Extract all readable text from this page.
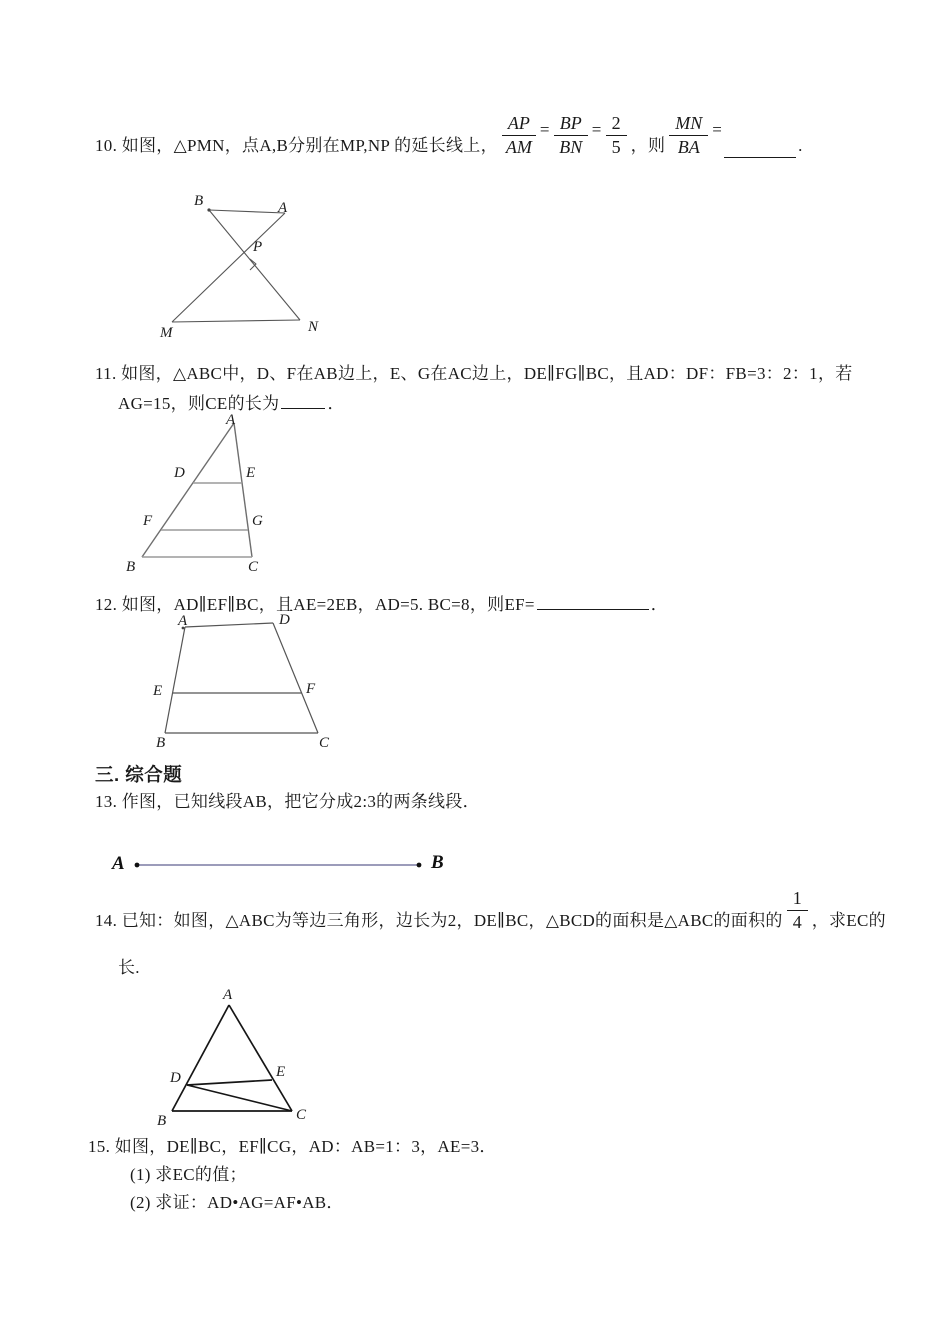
10. 如图，△PMN，点A,B分别在MP,NP 的延长线上， $\frac{AP}{AM} = \frac{BP}{BN} = \frac{2}{5}$ ，则 $\frac{MN}{BA}$ =
.
B	A
P
M	N
11. 如图，△ABC中，D、F在AB边上，E、G在AC边上，DE∥FG∥BC，且AD：DF：FB=3：2：1，若
AG=15，则CE的长为	．
A
D	E
F	G
B	C
12. 如图，AD∥EF∥BC，且AE=2EB，AD=5. BC=8，则EF=	．
A	D
E	F
B	C
三. 综合题
13. 作图，已知线段AB，把它分成2:3的两条线段．
A	B
14. 已知：如图，△ABC为等边三角形，边长为2，DE∥BC，△BCD的面积是△ABC的面积的 $\frac{1}{4}$ ，求EC的
长.
A
D	E
B	C
15. 如图，DE∥BC，EF∥CG，AD：AB=1：3，AE=3．
(1) 求EC的值；
(2) 求证：AD•AG=AF•AB．
